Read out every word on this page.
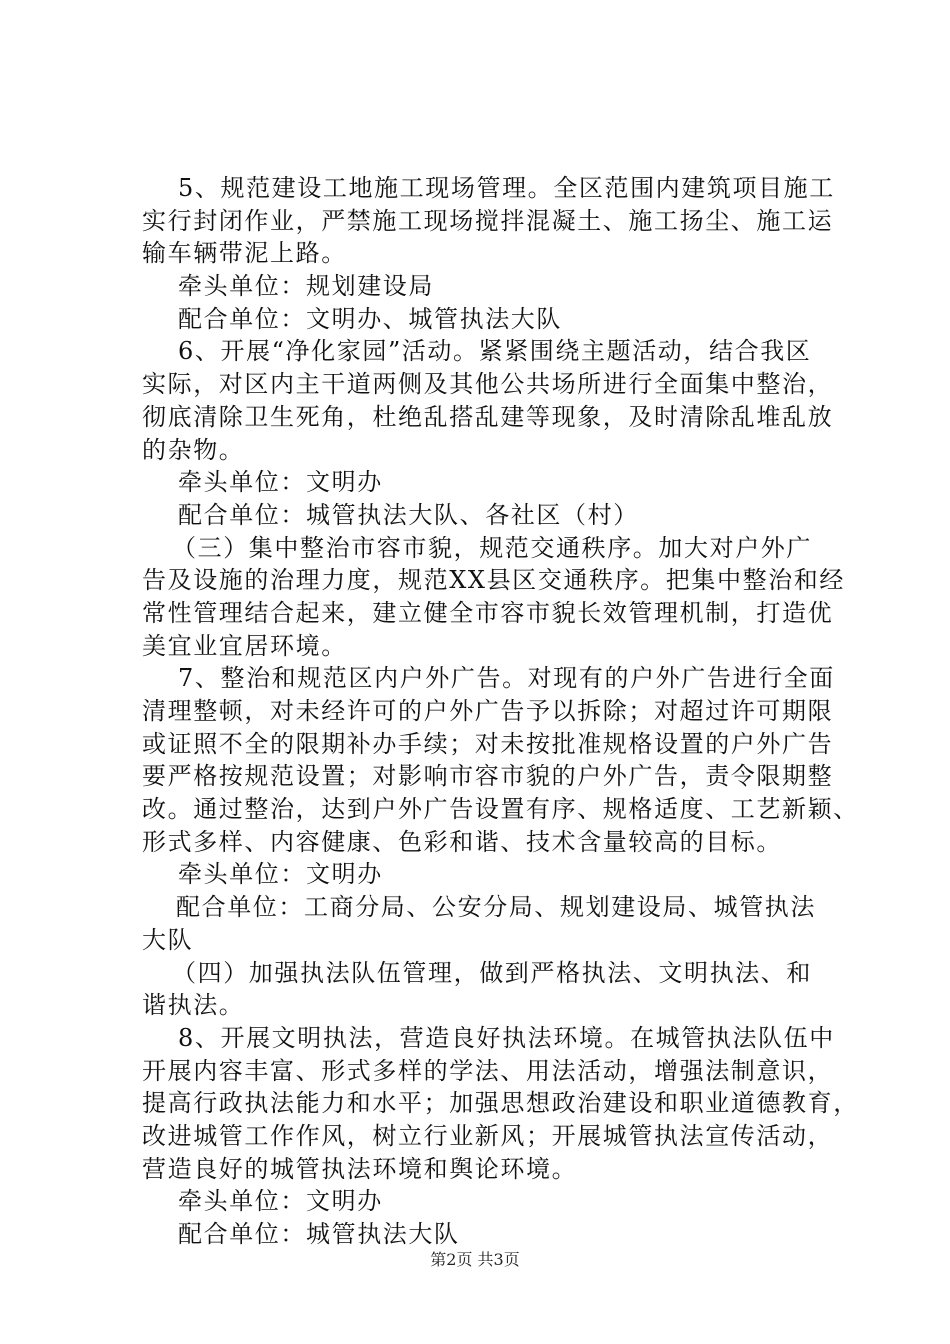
5、规范建设工地施工现场管理。全区范围内建筑项目施工
实行封闭作业，严禁施工现场搅拌混凝土、施工扬尘、施工运
输车辆带泥上路。
牵头单位：规划建设局
配合单位：文明办、城管执法大队
6、开展“净化家园”活动。紧紧围绕主题活动，结合我区
实际，对区内主干道两侧及其他公共场所进行全面集中整治，
彻底清除卫生死角，杜绝乱搭乱建等现象，及时清除乱堆乱放
的杂物。
牵头单位：文明办
配合单位：城管执法大队、各社区（村）
（三）集中整治市容市貌，规范交通秩序。加大对户外广
告及设施的治理力度，规范XX县区交通秩序。把集中整治和经
常性管理结合起来，建立健全市容市貌长效管理机制，打造优
美宜业宜居环境。
7、整治和规范区内户外广告。对现有的户外广告进行全面
清理整顿，对未经许可的户外广告予以拆除；对超过许可期限
或证照不全的限期补办手续；对未按批准规格设置的户外广告
要严格按规范设置；对影响市容市貌的户外广告，责令限期整
改。通过整治，达到户外广告设置有序、规格适度、工艺新颖、
形式多样、内容健康、色彩和谐、技术含量较高的目标。
牵头单位：文明办
配合单位：工商分局、公安分局、规划建设局、城管执法
大队
（四）加强执法队伍管理，做到严格执法、文明执法、和
谐执法。
8、开展文明执法，营造良好执法环境。在城管执法队伍中
开展内容丰富、形式多样的学法、用法活动，增强法制意识，
提高行政执法能力和水平；加强思想政治建设和职业道德教育，
改进城管工作作风，树立行业新风；开展城管执法宣传活动，
营造良好的城管执法环境和舆论环境。
牵头单位：文明办
配合单位：城管执法大队
第2页 共3页
